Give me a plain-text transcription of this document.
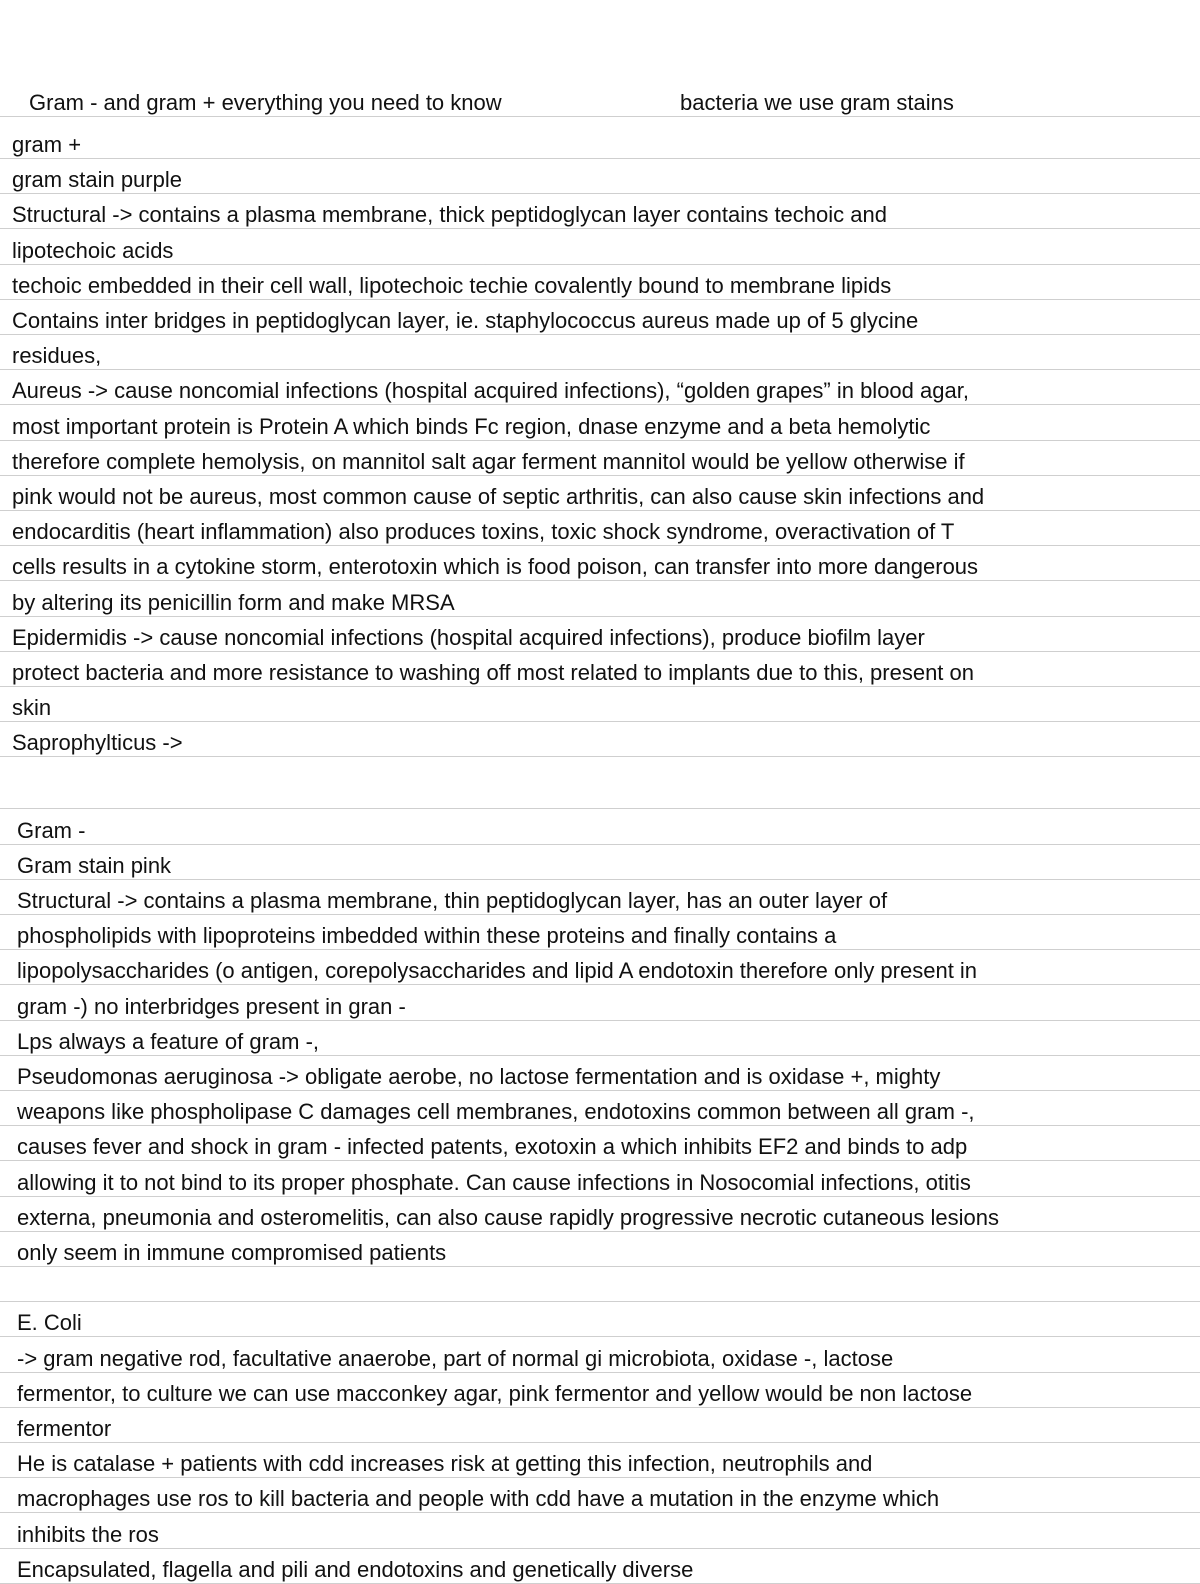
Gram - and gram + everything you need to know	bacteria we use gram stains
gram +
gram stain purple
Structural -> contains a plasma membrane, thick peptidoglycan layer contains techoic and
lipotechoic acids
techoic embedded in their cell wall, lipotechoic techie covalently bound to membrane lipids
Contains inter bridges in peptidoglycan layer, ie. staphylococcus aureus made up of 5 glycine
residues,
Aureus -> cause noncomial infections (hospital acquired infections), “golden grapes” in blood agar,
most important protein is Protein A which binds Fc region, dnase enzyme and a beta hemolytic
therefore complete hemolysis, on mannitol salt agar ferment mannitol would be yellow otherwise if
pink would not be aureus, most common cause of septic arthritis, can also cause skin infections and
endocarditis (heart inflammation) also produces toxins, toxic shock syndrome, overactivation of T
cells results in a cytokine storm, enterotoxin which is food poison, can transfer into more dangerous
by altering its penicillin form and make MRSA
Epidermidis -> cause noncomial infections (hospital acquired infections), produce biofilm layer
protect bacteria and more resistance to washing off most related to implants due to this, present on
skin
Saprophylticus ->
Gram -
Gram stain pink
Structural -> contains a plasma membrane, thin peptidoglycan layer, has an outer layer of
phospholipids with lipoproteins imbedded within these proteins and finally contains a
lipopolysaccharides (o antigen, corepolysaccharides and lipid A endotoxin therefore only present in
gram -) no interbridges present in gran -
Lps always a feature of gram -,
Pseudomonas aeruginosa -> obligate aerobe, no lactose fermentation and is oxidase +, mighty
weapons like phospholipase C damages cell membranes, endotoxins common between all gram -,
causes fever and shock in gram - infected patents, exotoxin a which inhibits EF2 and binds to adp
allowing it to not bind to its proper phosphate. Can cause infections in Nosocomial infections, otitis
externa, pneumonia and osteromelitis, can also cause rapidly progressive necrotic cutaneous lesions
only seem in immune compromised patients
E. Coli
-> gram negative rod, facultative anaerobe, part of normal gi microbiota, oxidase -, lactose
fermentor, to culture we can use macconkey agar, pink fermentor and yellow would be non lactose
fermentor
He is catalase + patients with cdd increases risk at getting this infection, neutrophils and
macrophages use ros to kill bacteria and people with cdd have a mutation in the enzyme which
inhibits the ros
Encapsulated, flagella and pili and endotoxins and genetically diverse
